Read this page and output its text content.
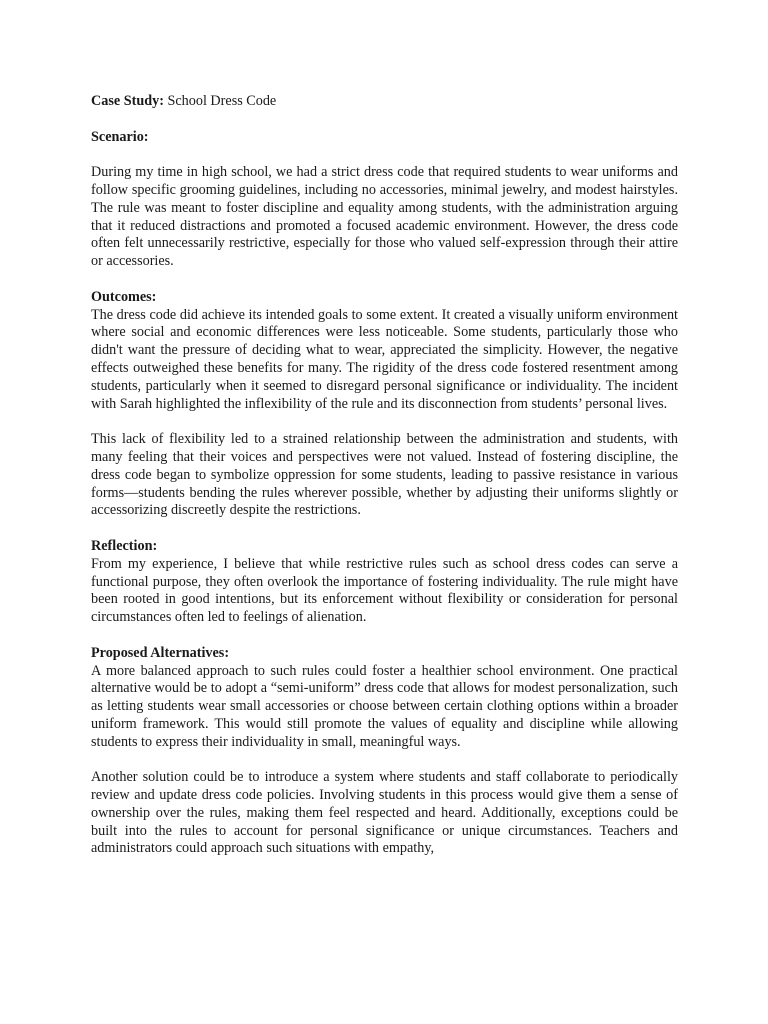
Case Study: School Dress Code
Scenario:

During my time in high school, we had a strict dress code that required students to wear uniforms and follow specific grooming guidelines, including no accessories, minimal jewelry, and modest hairstyles. The rule was meant to foster discipline and equality among students, with the administration arguing that it reduced distractions and promoted a focused academic environment. However, the dress code often felt unnecessarily restrictive, especially for those who valued self-expression through their attire or accessories.

Outcomes:

The dress code did achieve its intended goals to some extent. It created a visually uniform environment where social and economic differences were less noticeable. Some students, particularly those who didn't want the pressure of deciding what to wear, appreciated the simplicity. However, the negative effects outweighed these benefits for many. The rigidity of the dress code fostered resentment among students, particularly when it seemed to disregard personal significance or individuality. The incident with Sarah highlighted the inflexibility of the rule and its disconnection from students’ personal lives.

This lack of flexibility led to a strained relationship between the administration and students, with many feeling that their voices and perspectives were not valued. Instead of fostering discipline, the dress code began to symbolize oppression for some students, leading to passive resistance in various forms—students bending the rules wherever possible, whether by adjusting their uniforms slightly or accessorizing discreetly despite the restrictions.

Reflection:

From my experience, I believe that while restrictive rules such as school dress codes can serve a functional purpose, they often overlook the importance of fostering individuality. The rule might have been rooted in good intentions, but its enforcement without flexibility or consideration for personal circumstances often led to feelings of alienation.

Proposed Alternatives:

A more balanced approach to such rules could foster a healthier school environment. One practical alternative would be to adopt a “semi-uniform” dress code that allows for modest personalization, such as letting students wear small accessories or choose between certain clothing options within a broader uniform framework. This would still promote the values of equality and discipline while allowing students to express their individuality in small, meaningful ways.

Another solution could be to introduce a system where students and staff collaborate to periodically review and update dress code policies. Involving students in this process would give them a sense of ownership over the rules, making them feel respected and heard. Additionally, exceptions could be built into the rules to account for personal significance or unique circumstances. Teachers and administrators could approach such situations with empathy,
